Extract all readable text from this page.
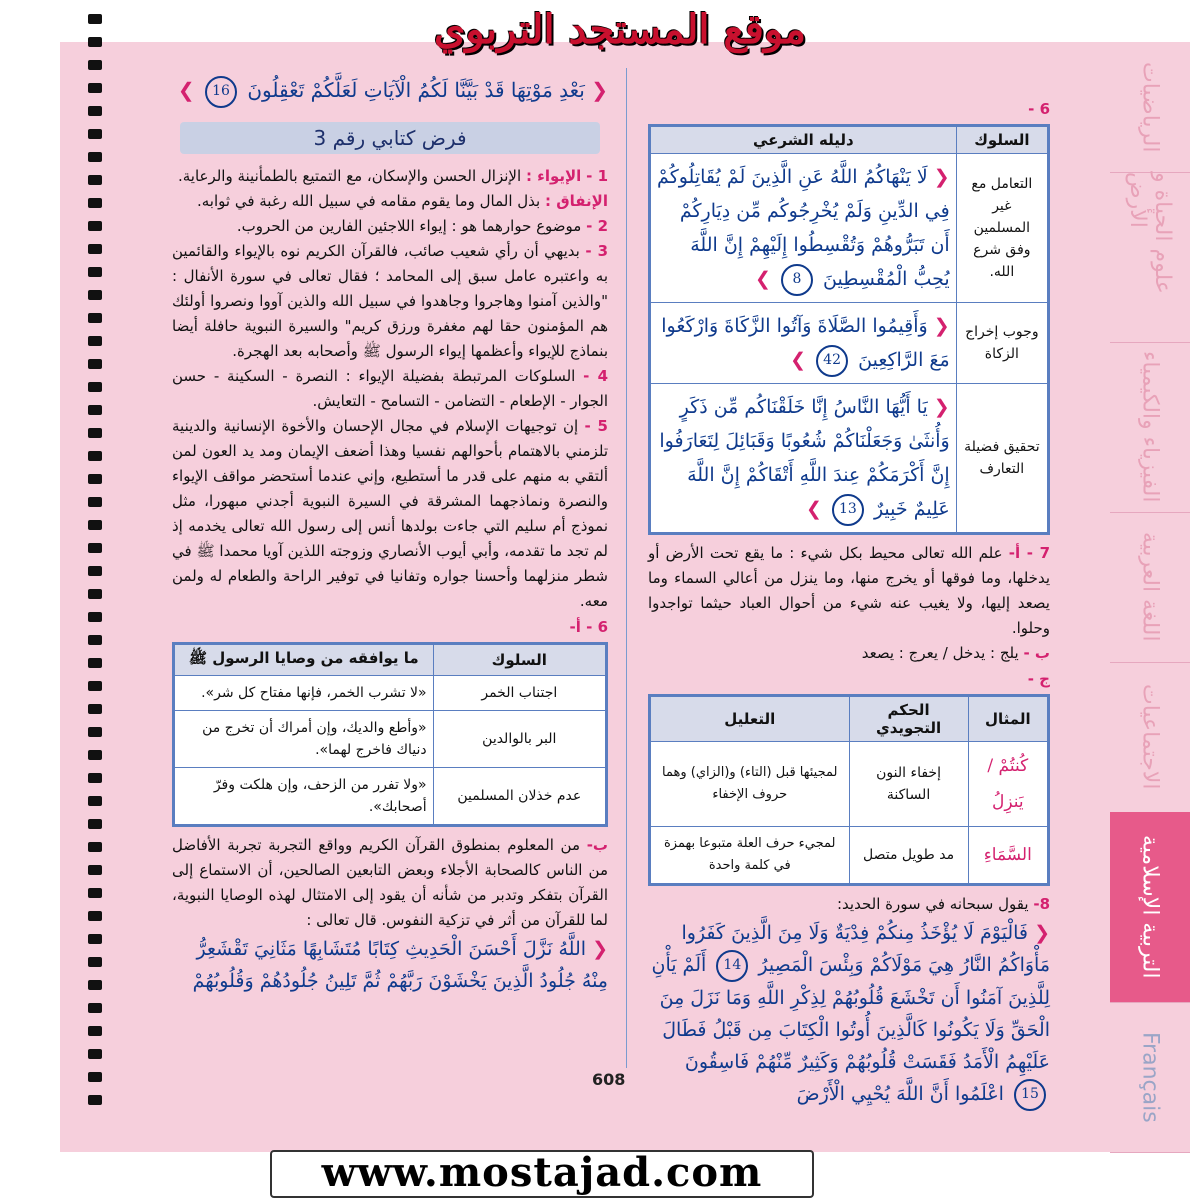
موقع المستجد التربوي
الرياضيات
علوم الحياة و الأرض
الفيزياء والكيمياء
اللغة العربية
الاجتماعيات
التربية الإسلامية
Français
❮ بَعْدِ مَوْتِهَا قَدْ بَيَّنَّا لَكُمُ الْآيَاتِ لَعَلَّكُمْ تَعْقِلُونَ 16 ❯
فرض كتابي رقم 3
1 - الإيواء : الإنزال الحسن والإسكان، مع التمتيع بالطمأنينة والرعاية.
الإنفاق : بذل المال وما يقوم مقامه في سبيل الله رغبة في ثوابه.
2 - موضوع حوارهما هو : إيواء اللاجئين الفارين من الحروب.
3 - بديهي أن رأي شعيب صائب، فالقرآن الكريم نوه بالإيواء والقائمين به واعتبره عامل سبق إلى المحامد ؛ فقال تعالى في سورة الأنفال : "والذين آمنوا وهاجروا وجاهدوا في سبيل الله والذين آووا ونصروا أولئك هم المؤمنون حقا لهم مغفرة ورزق كريم" والسيرة النبوية حافلة أيضا بنماذج للإيواء وأعظمها إيواء الرسول ﷺ وأصحابه بعد الهجرة.
4 - السلوكات المرتبطة بفضيلة الإيواء : النصرة - السكينة - حسن الجوار - الإطعام - التضامن - التسامح - التعايش.
5 - إن توجيهات الإسلام في مجال الإحسان والأخوة الإنسانية والدينية تلزمني بالاهتمام بأحوالهم نفسيا وهذا أضعف الإيمان ومد يد العون لمن ألتقي به منهم على قدر ما أستطيع، وإني عندما أستحضر مواقف الإيواء والنصرة ونماذجهما المشرقة في السيرة النبوية أجدني مبهورا، مثل نموذج أم سليم التي جاءت بولدها أنس إلى رسول الله تعالى يخدمه إذ لم تجد ما تقدمه، وأبي أيوب الأنصاري وزوجته اللذين آويا محمدا ﷺ في شطر منزلهما وأحسنا جواره وتفانيا في توفير الراحة والطعام له ولمن معه.
6 - أ-
السلوك	ما يوافقه من وصايا الرسول ﷺ
اجتناب الخمر	«لا تشرب الخمر، فإنها مفتاح كل شر».
البر بالوالدين	«وأطع والديك، وإن أمراك أن تخرج من دنياك فاخرج لهما».
عدم خذلان المسلمين	«ولا تفرر من الزحف، وإن هلكت وفرّ أصحابك».
ب- من المعلوم بمنطوق القرآن الكريم وواقع التجربة تجربة الأفاضل من الناس كالصحابة الأجلاء وبعض التابعين الصالحين، أن الاستماع إلى القرآن بتفكر وتدبر من شأنه أن يقود إلى الامتثال لهذه الوصايا النبوية، لما للقرآن من أثر في تزكية النفوس. قال تعالى :
❮ اللَّهُ نَزَّلَ أَحْسَنَ الْحَدِيثِ كِتَابًا مُتَشَابِهًا مَثَانِيَ تَقْشَعِرُّ مِنْهُ جُلُودُ الَّذِينَ يَخْشَوْنَ رَبَّهُمْ ثُمَّ تَلِينُ جُلُودُهُمْ وَقُلُوبُهُمْ
6 -
السلوك	دليله الشرعي
التعامل مع غير المسلمين وفق شرع الله.	❮ لَا يَنْهَاكُمُ اللَّهُ عَنِ الَّذِينَ لَمْ يُقَاتِلُوكُمْ فِي الدِّينِ وَلَمْ يُخْرِجُوكُم مِّن دِيَارِكُمْ أَن تَبَرُّوهُمْ وَتُقْسِطُوا إِلَيْهِمْ إِنَّ اللَّهَ يُحِبُّ الْمُقْسِطِينَ 8 ❯
وجوب إخراج الزكاة	❮ وَأَقِيمُوا الصَّلَاةَ وَآتُوا الزَّكَاةَ وَارْكَعُوا مَعَ الرَّاكِعِينَ 42 ❯
تحقيق فضيلة التعارف	❮ يَا أَيُّهَا النَّاسُ إِنَّا خَلَقْنَاكُم مِّن ذَكَرٍ وَأُنثَىٰ وَجَعَلْنَاكُمْ شُعُوبًا وَقَبَائِلَ لِتَعَارَفُوا إِنَّ أَكْرَمَكُمْ عِندَ اللَّهِ أَتْقَاكُمْ إِنَّ اللَّهَ عَلِيمٌ خَبِيرٌ 13 ❯
7 - أ- علم الله تعالى محيط بكل شيء : ما يقع تحت الأرض أو يدخلها، وما فوقها أو يخرج منها، وما ينزل من أعالي السماء وما يصعد إليها، ولا يغيب عنه شيء من أحوال العباد حيثما تواجدوا وحلوا.
ب - يلج : يدخل / يعرج : يصعد
ج -
المثال	الحكم التجويدي	التعليل
كُنتُمْ / يَنزِلُ	إخفاء النون الساكنة	لمجيئها قبل (التاء) و(الزاي) وهما حروف الإخفاء
السَّمَاءِ	مد طويل متصل	لمجيء حرف العلة متبوعا بهمزة في كلمة واحدة
8- يقول سبحانه في سورة الحديد:
❮ فَالْيَوْمَ لَا يُؤْخَذُ مِنكُمْ فِدْيَةٌ وَلَا مِنَ الَّذِينَ كَفَرُوا مَأْوَاكُمُ النَّارُ هِيَ مَوْلَاكُمْ وَبِئْسَ الْمَصِيرُ 14 أَلَمْ يَأْنِ لِلَّذِينَ آمَنُوا أَن تَخْشَعَ قُلُوبُهُمْ لِذِكْرِ اللَّهِ وَمَا نَزَلَ مِنَ الْحَقِّ وَلَا يَكُونُوا كَالَّذِينَ أُوتُوا الْكِتَابَ مِن قَبْلُ فَطَالَ عَلَيْهِمُ الْأَمَدُ فَقَسَتْ قُلُوبُهُمْ وَكَثِيرٌ مِّنْهُمْ فَاسِقُونَ 15 اعْلَمُوا أَنَّ اللَّهَ يُحْيِي الْأَرْضَ
608
www.mostajad.com
